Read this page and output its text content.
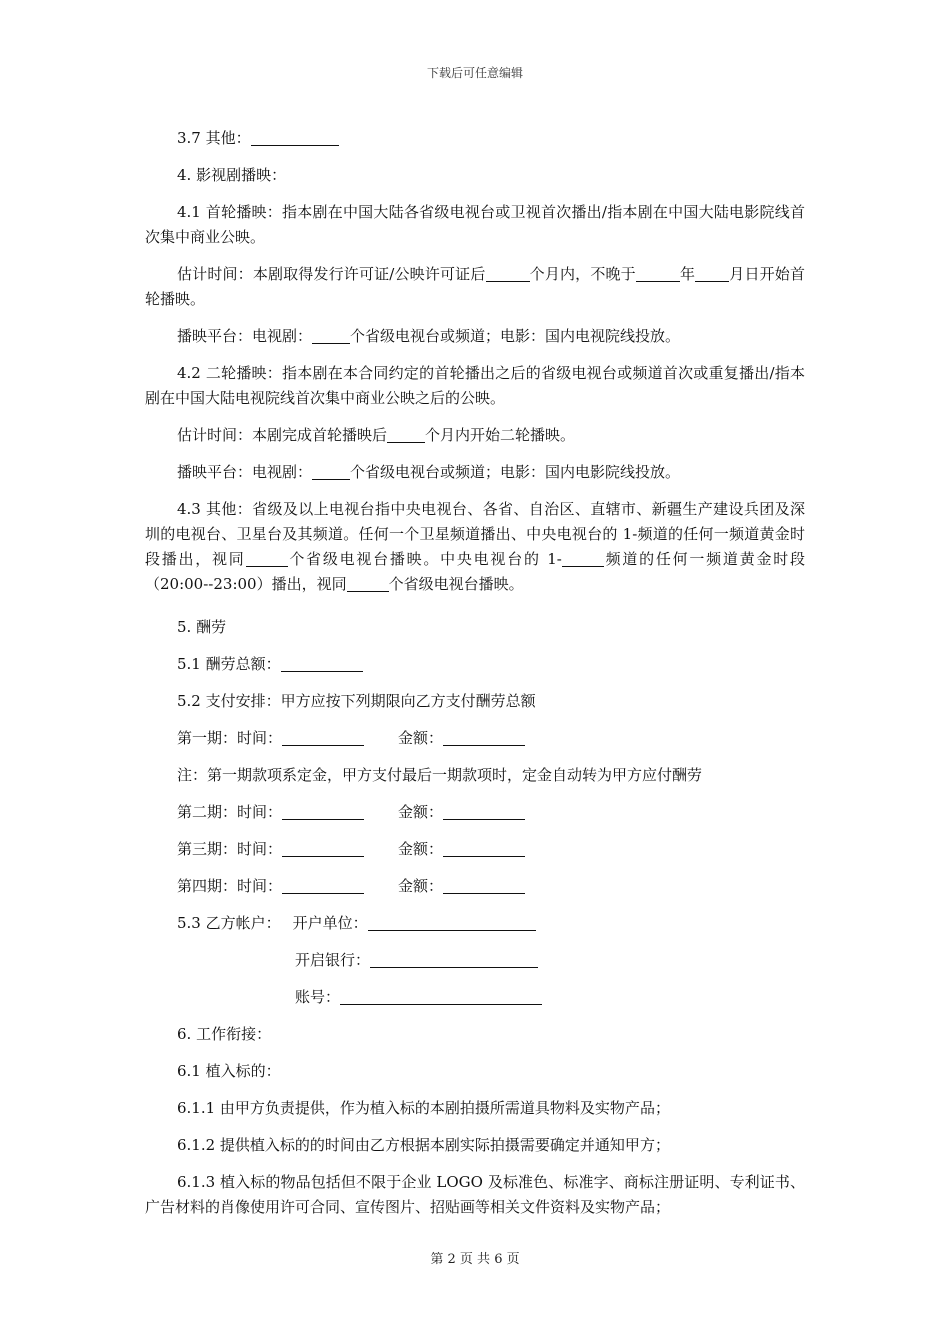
下载后可任意编辑

3.7 其他：

4. 影视剧播映：

4.1 首轮播映：指本剧在中国大陆各省级电视台或卫视首次播出/指本剧在中国大陆电影院线首次集中商业公映。

估计时间：本剧取得发行许可证/公映许可证后	个月内，不晚于	年 月日开始首轮播映。

播映平台：电视剧：	个省级电视台或频道；电影：国内电视院线投放。

4.2 二轮播映：指本剧在本合同约定的首轮播出之后的省级电视台或频道首次或重复播出/指本剧在中国大陆电视院线首次集中商业公映之后的公映。

估计时间：本剧完成首轮播映后	个月内开始二轮播映。

播映平台：电视剧：	个省级电视台或频道；电影：国内电影院线投放。

4.3 其他：省级及以上电视台指中央电视台、各省、自治区、直辖市、新疆生产建设兵团及深圳的电视台、卫星台及其频道。任何一个卫星频道播出、中央电视台的 1-频道的任何一频道黄金时段播出，视同	个省级电视台播映。中央电视台的 1-	频道的任何一频道黄金时段（20:00--23:00）播出，视同	个省级电视台播映。

5. 酬劳

5.1 酬劳总额：

5.2 支付安排：甲方应按下列期限向乙方支付酬劳总额

第一期：时间：	金额：

注：第一期款项系定金，甲方支付最后一期款项时，定金自动转为甲方应付酬劳

第二期：时间：	金额：
第三期：时间：	金额：
第四期：时间：	金额：
5.3 乙方帐户： 开户单位：
开启银行：
账号：

6. 工作衔接：

6.1 植入标的：

6.1.1 由甲方负责提供，作为植入标的本剧拍摄所需道具物料及实物产品；

6.1.2 提供植入标的的时间由乙方根据本剧实际拍摄需要确定并通知甲方；

6.1.3 植入标的物品包括但不限于企业 LOGO 及标准色、标准字、商标注册证明、专利证书、广告材料的肖像使用许可合同、宣传图片、招贴画等相关文件资料及实物产品；

第 2 页 共 6 页
